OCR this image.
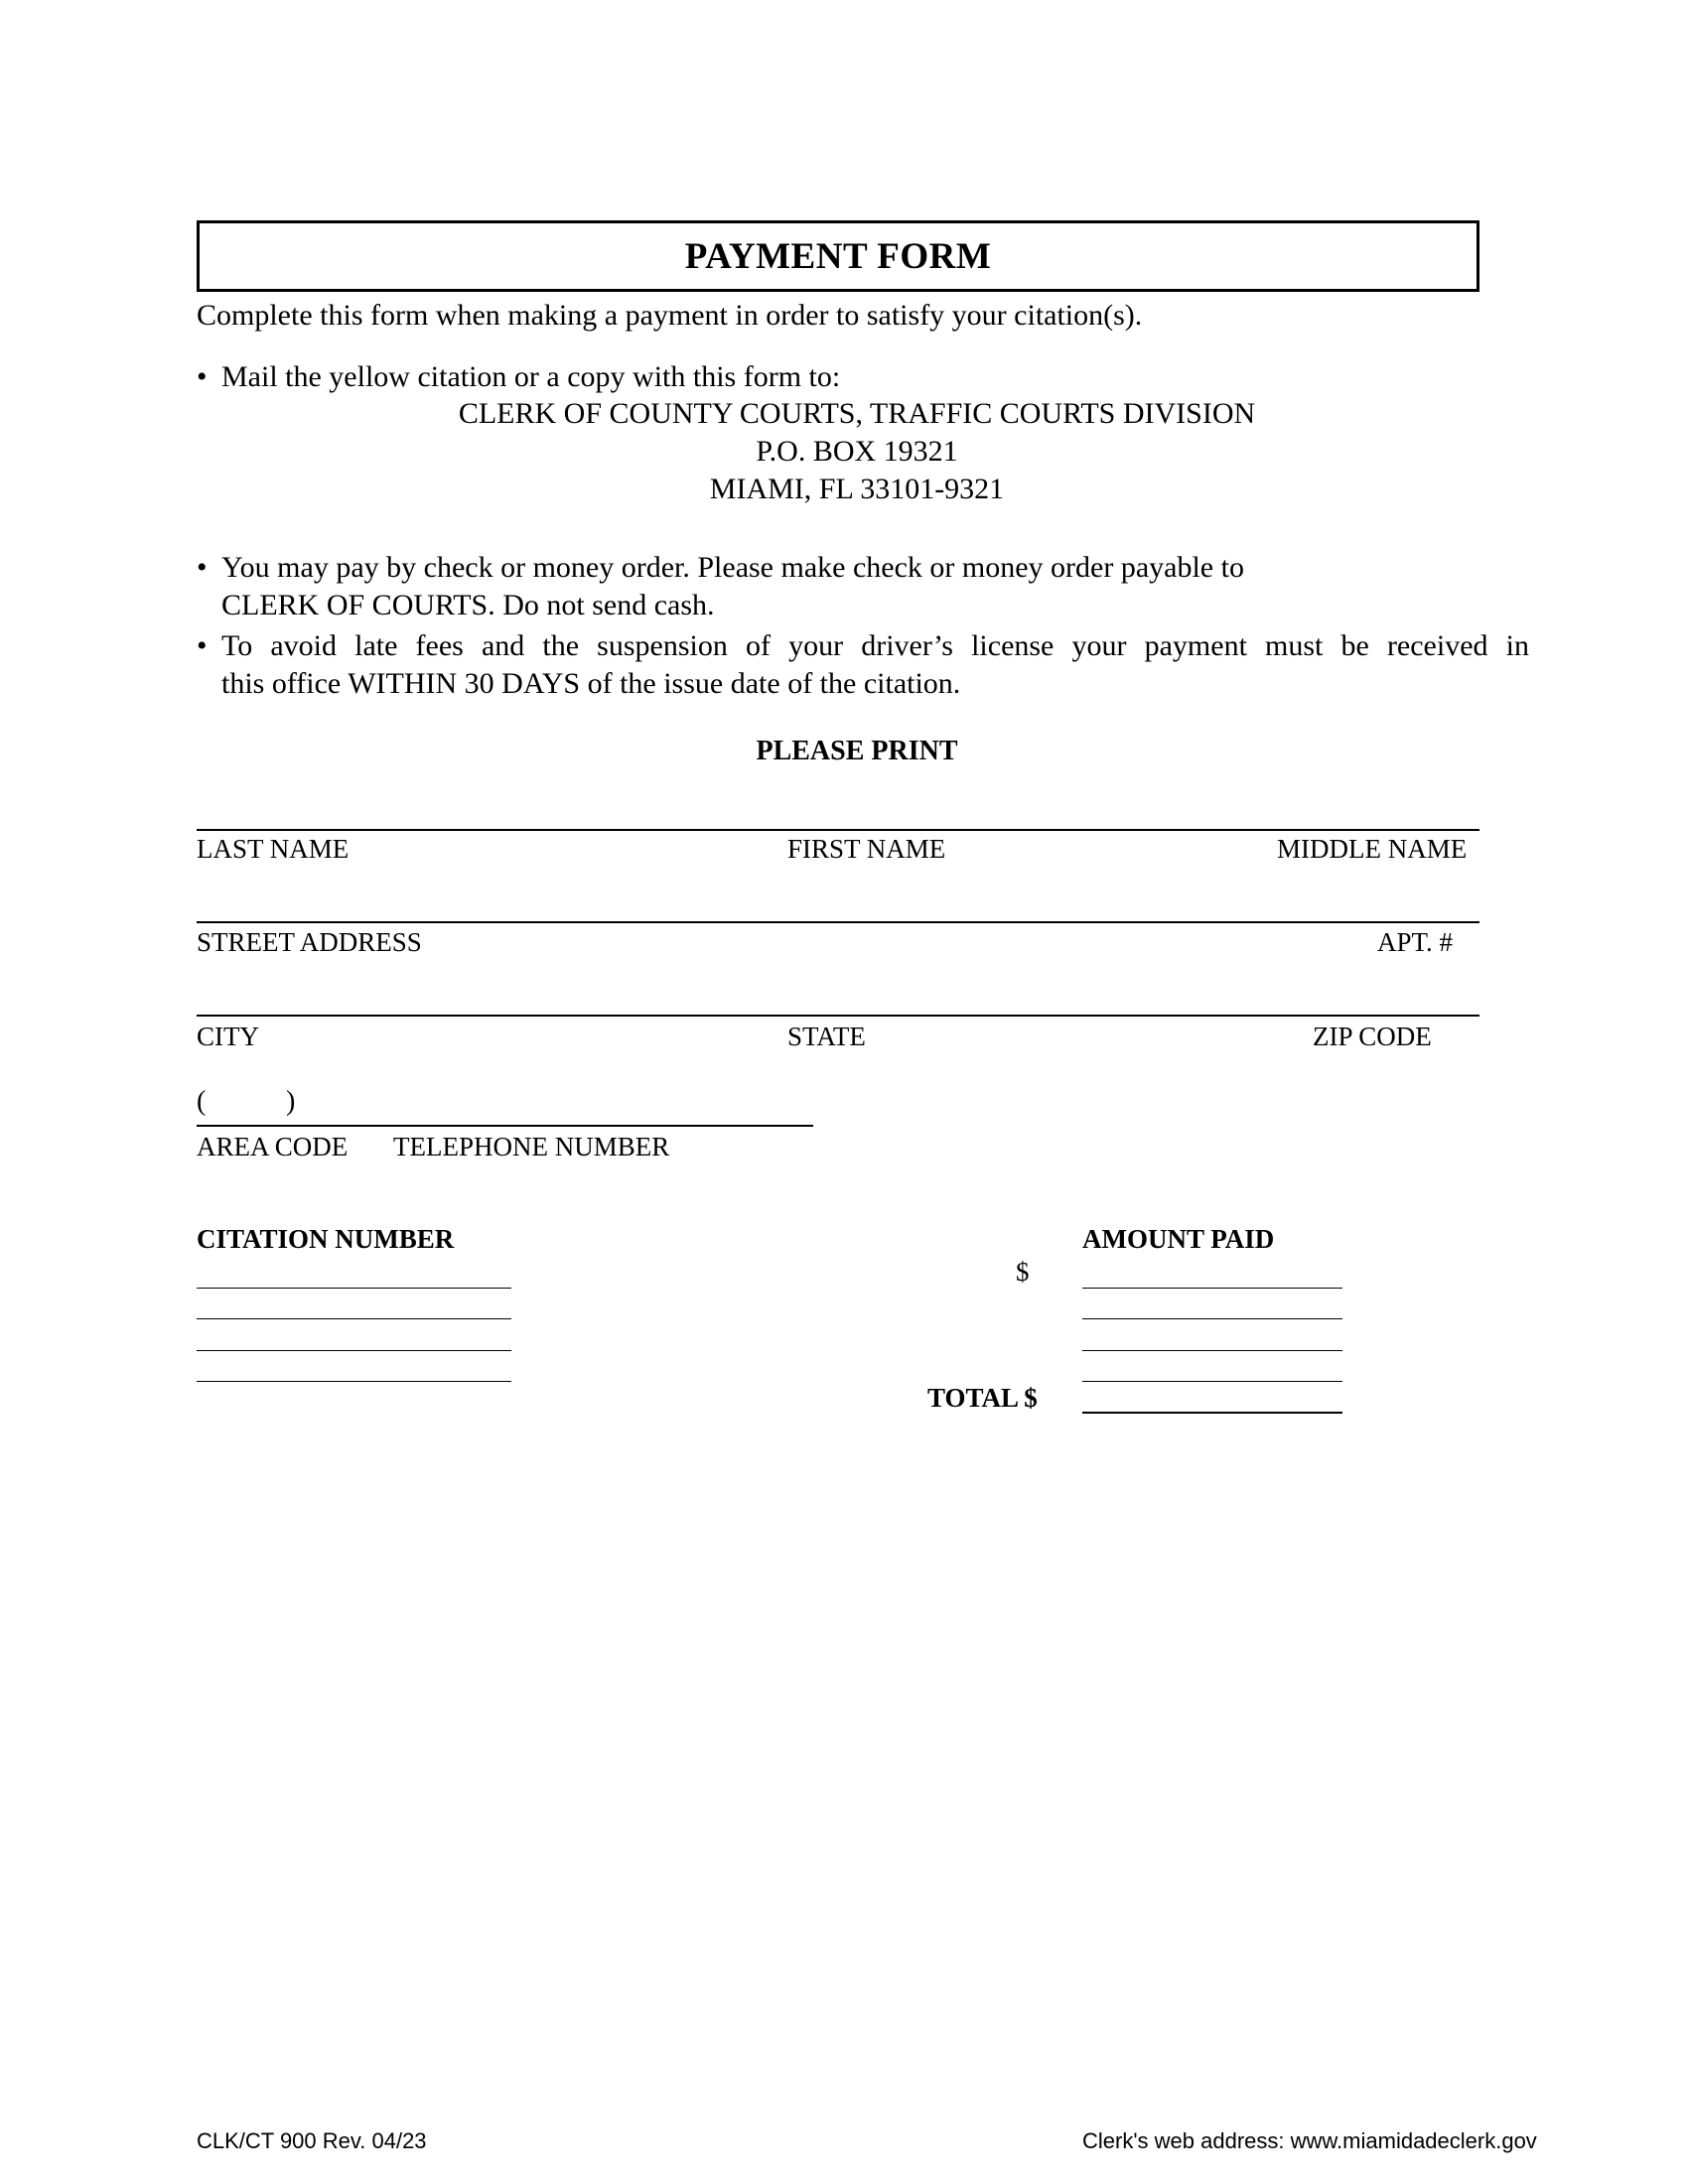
PAYMENT FORM
Complete this form when making a payment in order to satisfy your citation(s).
• Mail the yellow citation or a copy with this form to:
CLERK OF COUNTY COURTS, TRAFFIC COURTS DIVISION
P.O. BOX 19321
MIAMI, FL 33101-9321
• You may pay by check or money order. Please make check or money order payable to
CLERK OF COURTS. Do not send cash.
• To avoid late fees and the suspension of your driver’s license your payment must be received in
this office WITHIN 30 DAYS of the issue date of the citation.
PLEASE PRINT
LAST NAME	FIRST NAME	MIDDLE NAME
STREET ADDRESS	APT. #
CITY	STATE	ZIP CODE
(	)
AREA CODE TELEPHONE NUMBER
CITATION NUMBER	AMOUNT PAID
$
TOTAL $
CLK/CT 900 Rev. 04/23	Clerk's web address: www.miamidadeclerk.gov
